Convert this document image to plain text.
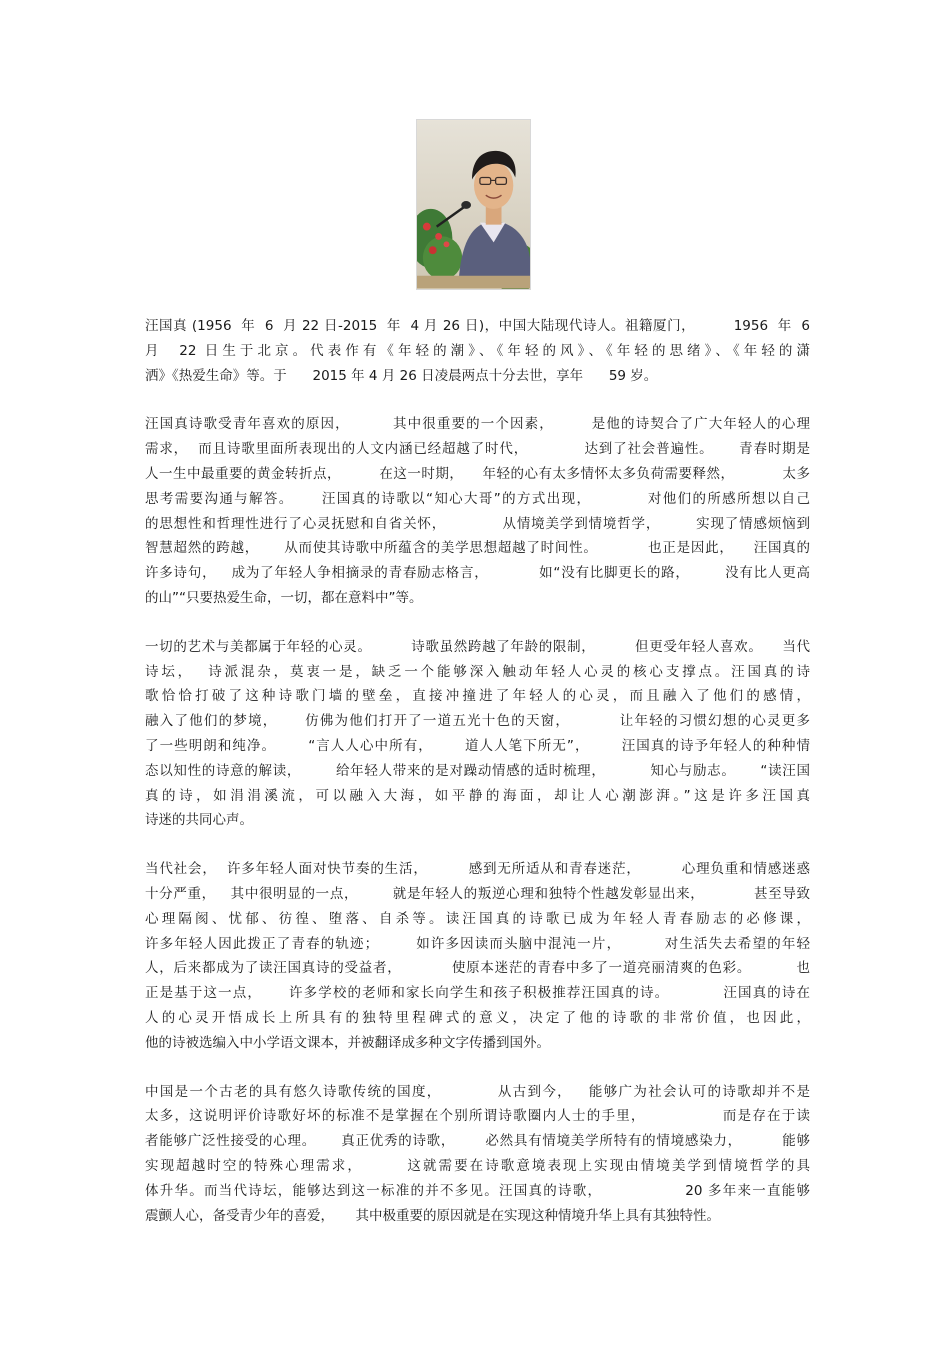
汪国真 (1956  年  6  月 22 日-2015  年  4 月 26 日)，中国大陆现代诗人。祖籍厦门，        1956  年  6
月  22 日生于北京。代表作有《年轻的潮》、《年轻的风》、《年轻的思绪》、《年轻的潇
洒》《热爱生命》等。于      2015 年 4 月 26 日凌晨两点十分去世，享年      59 岁。
汪国真诗歌受青年喜欢的原因，        其中很重要的一个因素，       是他的诗契合了广大年轻人的心理
需求，  而且诗歌里面所表现出的人文内涵已经超越了时代，           达到了社会普遍性。     青春时期是
人一生中最重要的黄金转折点，        在这一时期，    年轻的心有太多情怀太多负荷需要释然，          太多
思考需要沟通与解答。     汪国真的诗歌以“知心大哥”的方式出现，          对他们的所感所想以自己
的思想性和哲理性进行了心灵抚慰和自省关怀，           从情境美学到情境哲学，       实现了情感烦恼到
智慧超然的跨越，     从而使其诗歌中所蕴含的美学思想超越了时间性。          也正是因此，    汪国真的
许多诗句，   成为了年轻人争相摘录的青春励志格言，          如“没有比脚更长的路，       没有比人更高
的山”“只要热爱生命，一切，都在意料中”等。
一切的艺术与美都属于年轻的心灵。        诗歌虽然跨越了年龄的限制，        但更受年轻人喜欢。    当代
诗坛，  诗派混杂，莫衷一是，缺乏一个能够深入触动年轻人心灵的核心支撑点。汪国真的诗
歌恰恰打破了这种诗歌门墙的壁垒，直接冲撞进了年轻人的心灵，而且融入了他们的感情，
融入了他们的梦境，     仿佛为他们打开了一道五光十色的天窗，         让年轻的习惯幻想的心灵更多
了一些明朗和纯净。      “言人人心中所有，      道人人笔下所无”，      汪国真的诗予年轻人的种种情
态以知性的诗意的解读，       给年轻人带来的是对躁动情感的适时梳理，         知心与励志。     “读汪国
真的诗，如涓涓溪流，可以融入大海，如平静的海面，却让人心潮澎湃。”这是许多汪国真
诗迷的共同心声。
当代社会，  许多年轻人面对快节奏的生活，        感到无所适从和青春迷茫，        心理负重和情感迷惑
十分严重，   其中很明显的一点，       就是年轻人的叛逆心理和独特个性越发彰显出来，          甚至导致
心理隔阂、忧郁、彷徨、堕落、自杀等。读汪国真的诗歌已成为年轻人青春励志的必修课，
许多年轻人因此拨正了青春的轨迹；       如许多因读而头脑中混沌一片，        对生活失去希望的年轻
人，后来都成为了读汪国真诗的受益者，          使原本迷茫的青春中多了一道亮丽清爽的色彩。         也
正是基于这一点，     许多学校的老师和家长向学生和孩子积极推荐汪国真的诗。          汪国真的诗在
人的心灵开悟成长上所具有的独特里程碑式的意义，决定了他的诗歌的非常价值，也因此，
他的诗被选编入中小学语文课本，并被翻译成多种文字传播到国外。
中国是一个古老的具有悠久诗歌传统的国度，          从古到今，   能够广为社会认可的诗歌却并不是
太多，这说明评价诗歌好坏的标准不是掌握在个别所谓诗歌圈内人士的手里，              而是存在于读
者能够广泛性接受的心理。     真正优秀的诗歌，      必然具有情境美学所特有的情境感染力，        能够
实现超越时空的特殊心理需求，       这就需要在诗歌意境表现上实现由情境美学到情境哲学的具
体升华。而当代诗坛，能够达到这一标准的并不多见。汪国真的诗歌，               20 多年来一直能够
震颤人心，备受青少年的喜爱，     其中极重要的原因就是在实现这种情境升华上具有其独特性。
